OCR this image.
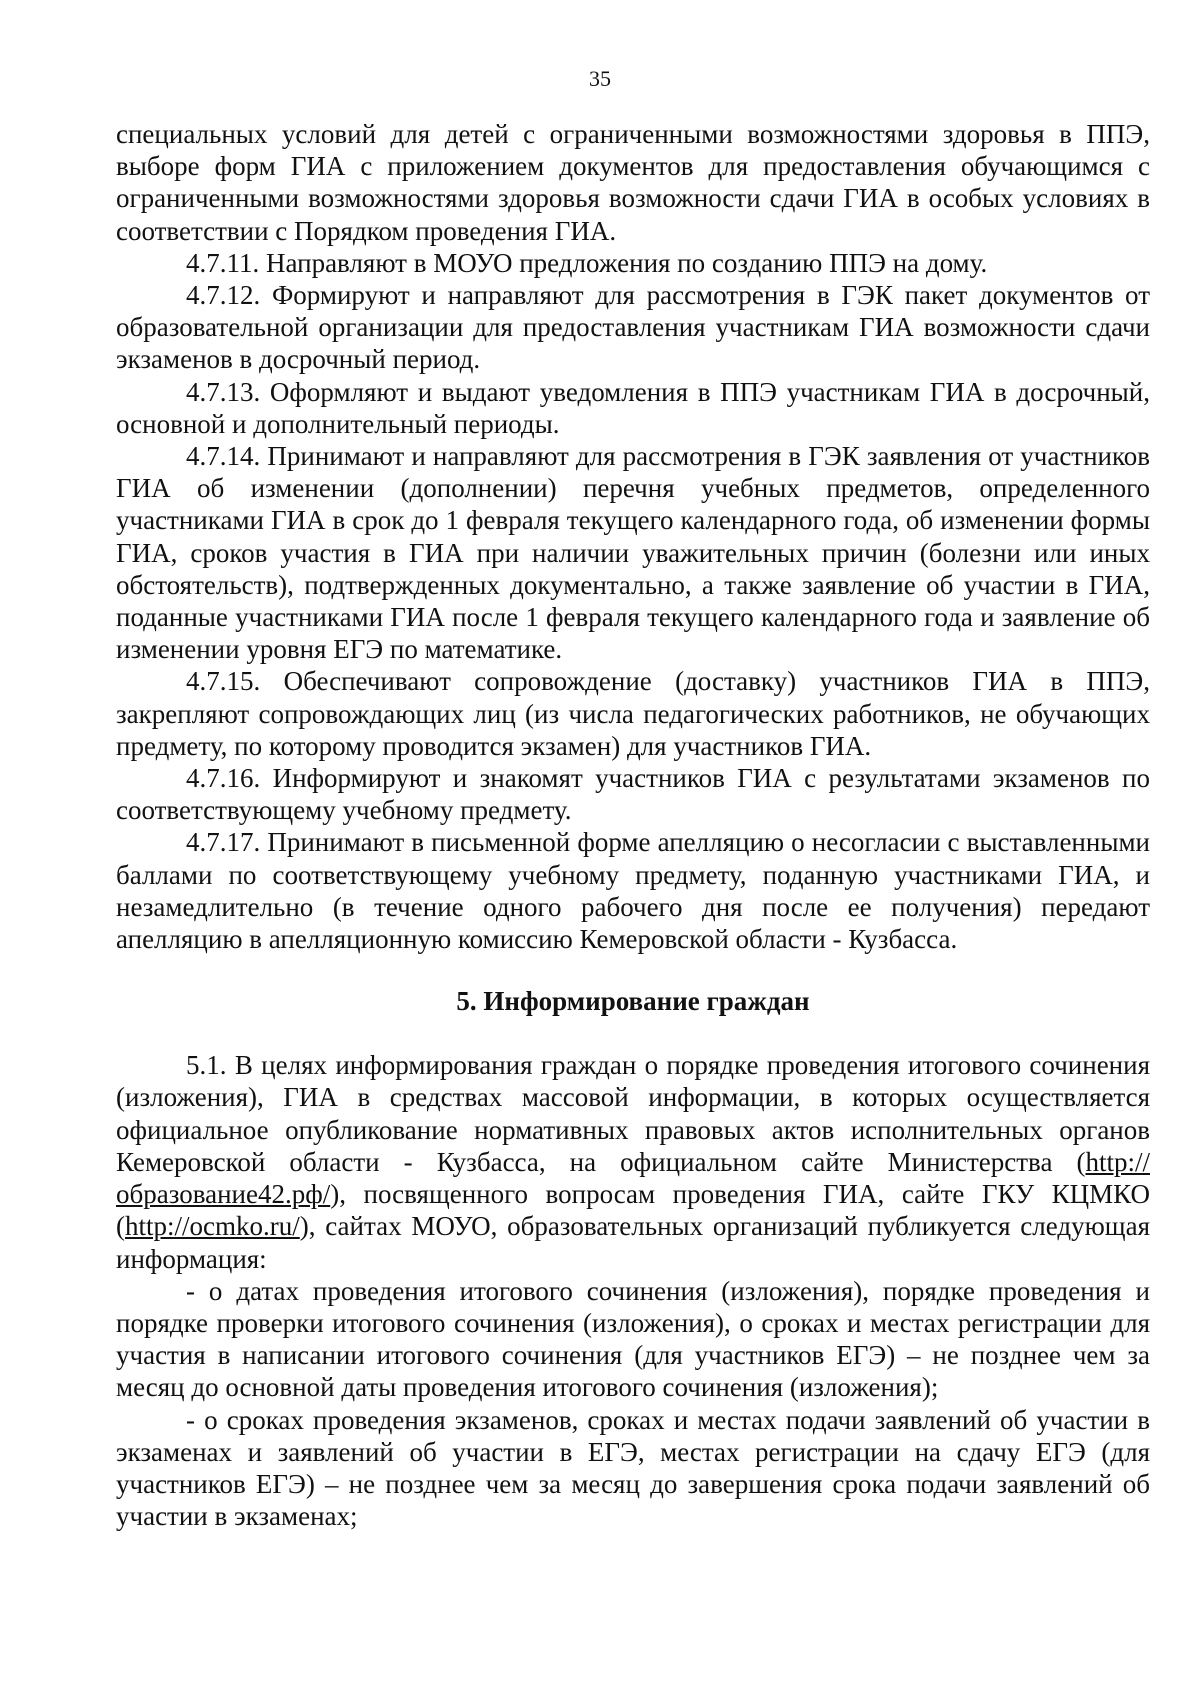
35

специальных условий для детей с ограниченными возможностями здоровья в ППЭ, выборе форм ГИА с приложением документов для предоставления обучающимся с ограниченными возможностями здоровья возможности сдачи ГИА в особых условиях в соответствии с Порядком проведения ГИА.

4.7.11. Направляют в МОУО предложения по созданию ППЭ на дому.

4.7.12. Формируют и направляют для рассмотрения в ГЭК пакет документов от образовательной организации для предоставления участникам ГИА возможности сдачи экзаменов в досрочный период.

4.7.13. Оформляют и выдают уведомления в ППЭ участникам ГИА в досрочный, основной и дополнительный периоды.

4.7.14. Принимают и направляют для рассмотрения в ГЭК заявления от участников ГИА об изменении (дополнении) перечня учебных предметов, определенного участниками ГИА в срок до 1 февраля текущего календарного года, об изменении формы ГИА, сроков участия в ГИА при наличии уважительных причин (болезни или иных обстоятельств), подтвержденных документально, а также заявление об участии в ГИА, поданные участниками ГИА после 1 февраля текущего календарного года и заявление об изменении уровня ЕГЭ по математике.

4.7.15. Обеспечивают сопровождение (доставку) участников ГИА в ППЭ, закрепляют сопровождающих лиц (из числа педагогических работников, не обучающих предмету, по которому проводится экзамен) для участников ГИА.

4.7.16. Информируют и знакомят участников ГИА с результатами экзаменов по соответствующему учебному предмету.

4.7.17. Принимают в письменной форме апелляцию о несогласии с выставленными баллами по соответствующему учебному предмету, поданную участниками ГИА, и незамедлительно (в течение одного рабочего дня после ее получения) передают апелляцию в апелляционную комиссию Кемеровской области - Кузбасса.

5. Информирование граждан

5.1. В целях информирования граждан о порядке проведения итогового сочинения (изложения), ГИА в средствах массовой информации, в которых осуществляется официальное опубликование нормативных правовых актов исполнительных органов Кемеровской области - Кузбасса, на официальном сайте Министерства (http://образование42.рф/), посвященного вопросам проведения ГИА, сайте ГКУ КЦМКО (http://ocmko.ru/), сайтах МОУО, образовательных организаций публикуется следующая информация:

- о датах проведения итогового сочинения (изложения), порядке проведения и порядке проверки итогового сочинения (изложения), о сроках и местах регистрации для участия в написании итогового сочинения (для участников ЕГЭ) – не позднее чем за месяц до основной даты проведения итогового сочинения (изложения);

- о сроках проведения экзаменов, сроках и местах подачи заявлений об участии в экзаменах и заявлений об участии в ЕГЭ, местах регистрации на сдачу ЕГЭ (для участников ЕГЭ) – не позднее чем за месяц до завершения срока подачи заявлений об участии в экзаменах;
